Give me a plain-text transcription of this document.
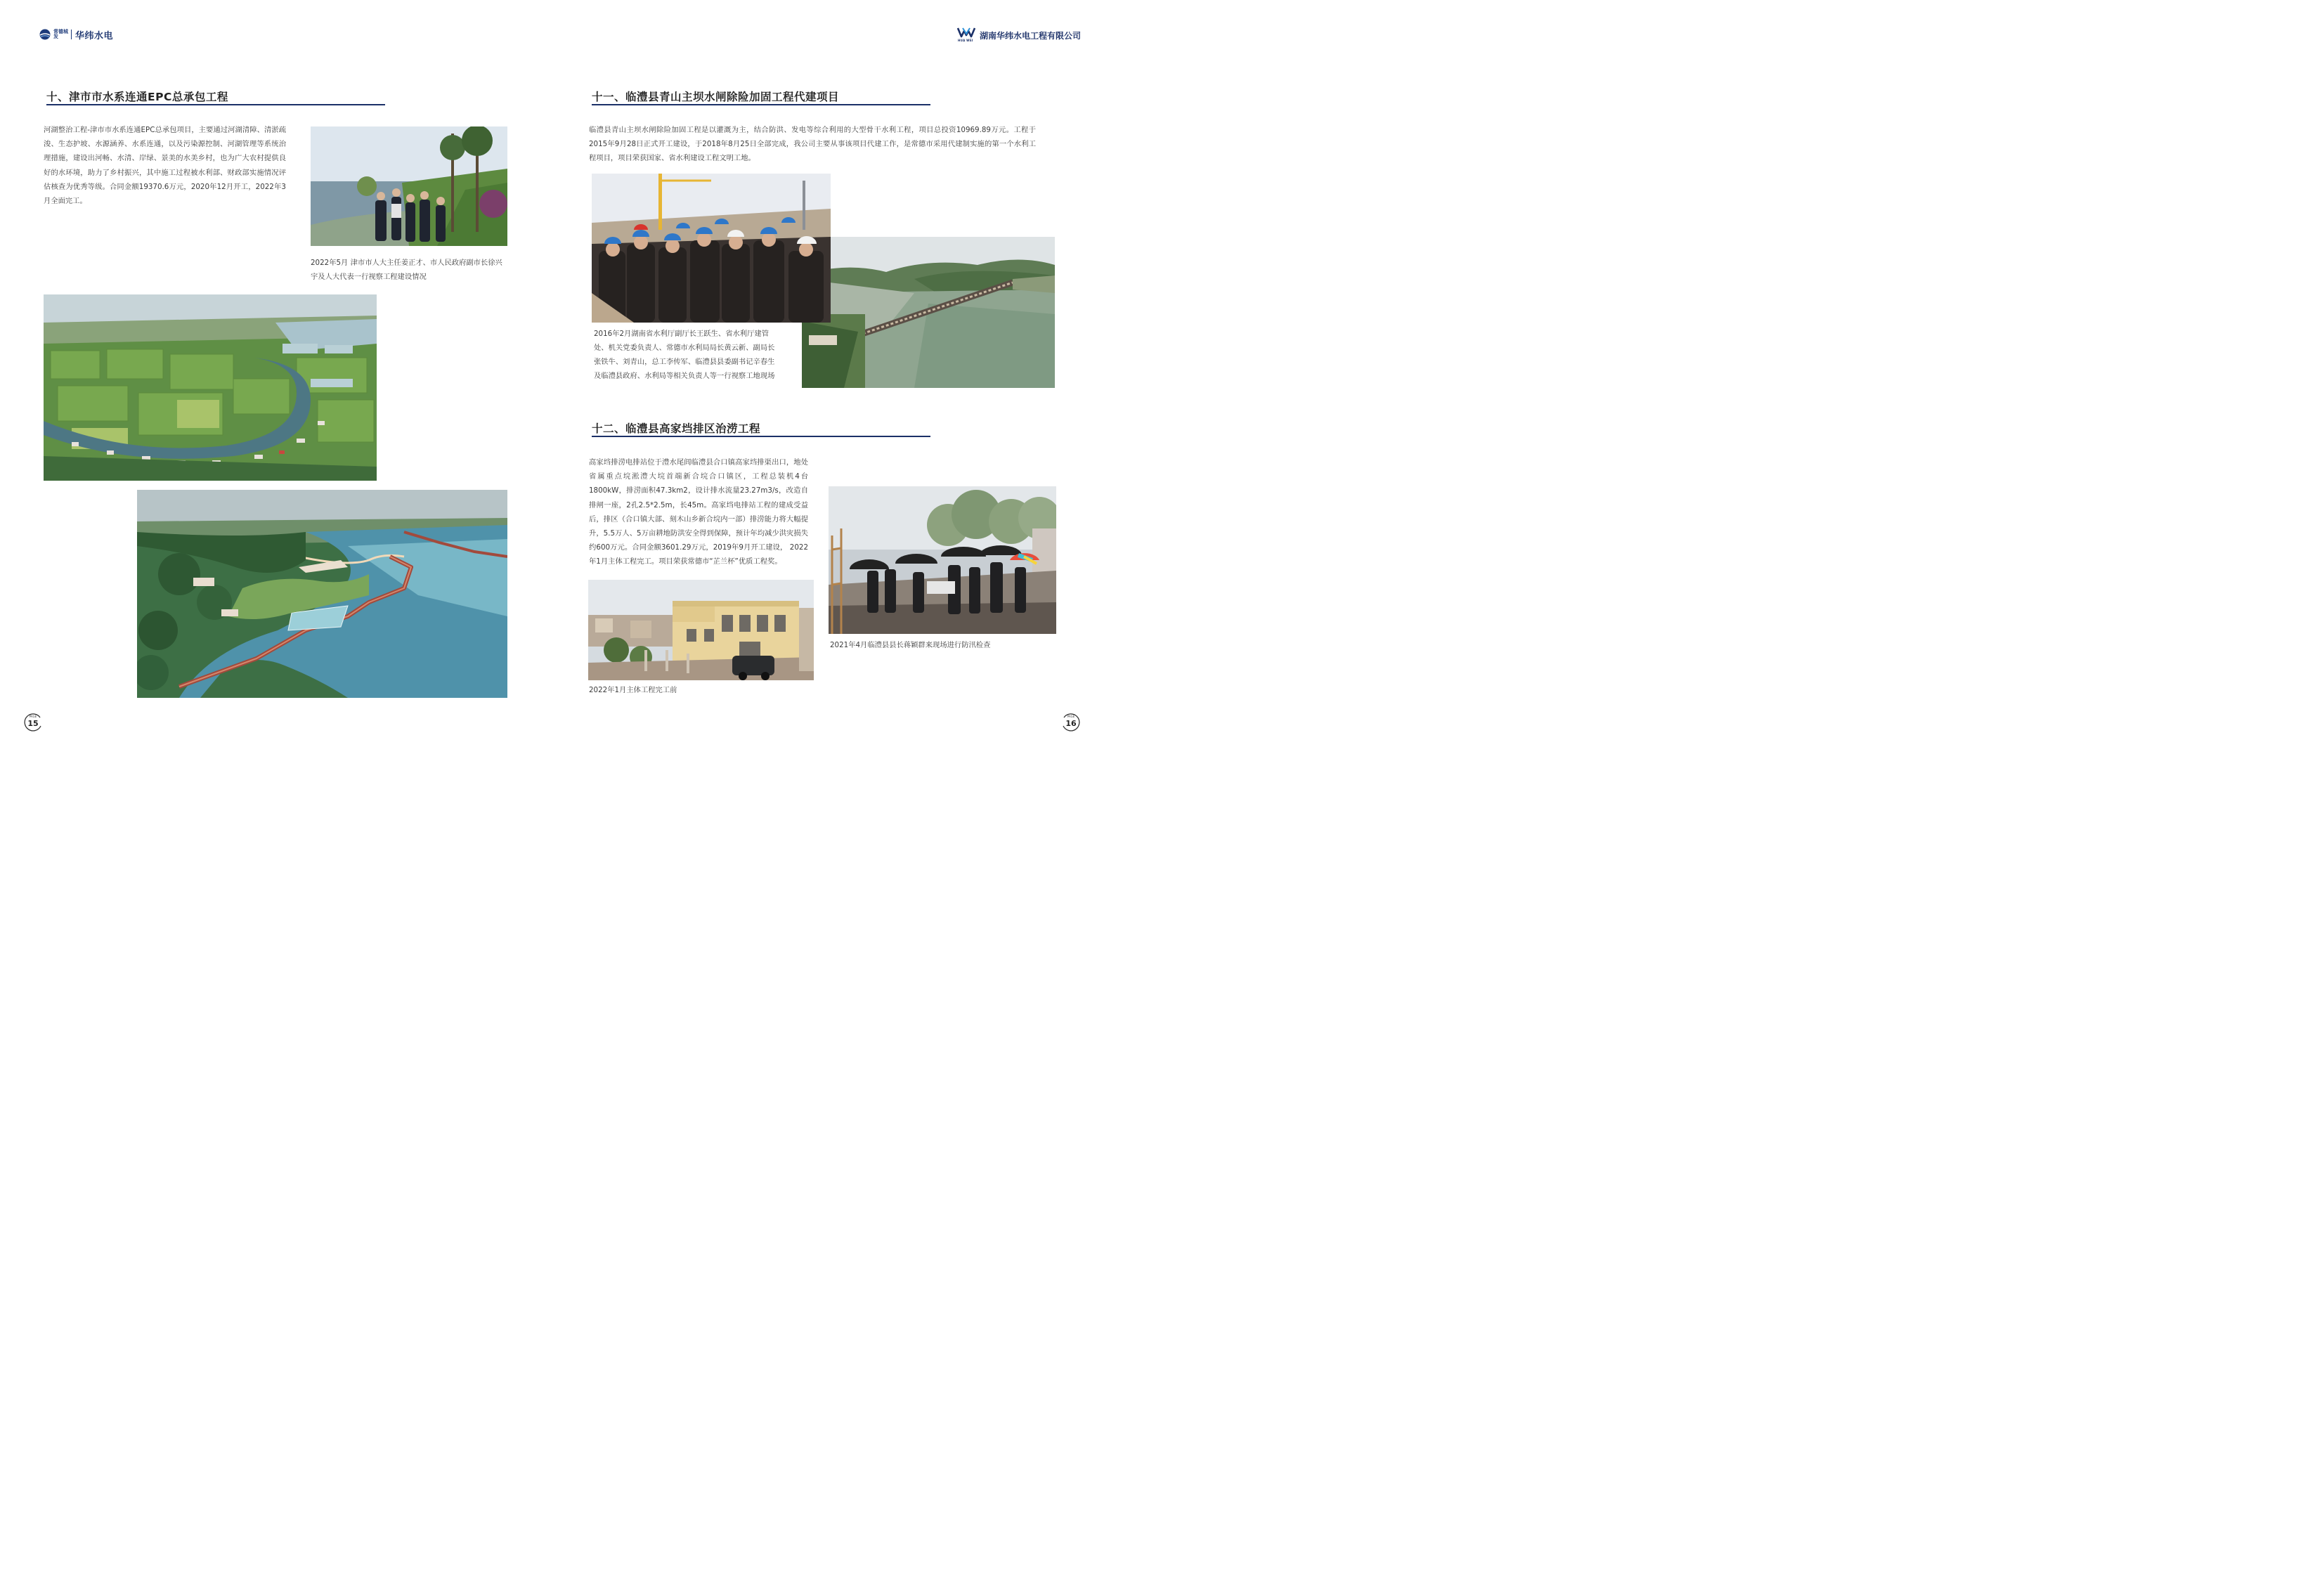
常德城发	华纬水电	HUA WEI 湖南华纬水电工程有限公司
十、津市市水系连通EPC总承包工程
河湖整治工程-津市市水系连通EPC总承包项目，主要通过河湖清障、清淤疏浚、生态护坡、水源涵养、水系连通，以及污染源控制、河湖管理等系统治理措施，建设出河畅、水清、岸绿、景美的水美乡村，也为广大农村提供良好的水环境，助力了乡村振兴，其中施工过程被水利部、财政部实施情况评估核查为优秀等级。合同金额19370.6万元，2020年12月开工，2022年3月全面完工。
2022年5月 津市市人大主任姜正才、市人民政府副市长徐兴宇及人大代表一行视察工程建设情况
PAGE
15
十一、临澧县青山主坝水闸除险加固工程代建项目
临澧县青山主坝水闸除险加固工程是以灌溉为主，结合防洪、发电等综合利用的大型骨干水利工程，项目总投资10969.89万元。工程于2015年9月28日正式开工建设，于2018年8月25日全部完成，我公司主要从事该项目代建工作，是常德市采用代建制实施的第一个水利工程项目，项目荣获国家、省水利建设工程文明工地。
2016年2月湖南省水利厅副厅长王跃生、省水利厅建管处、机关党委负责人、常德市水利局局长黄云新、副局长张铁牛、刘青山，总工李传军、临澧县县委副书记辛春生及临澧县政府、水利局等相关负责人等一行视察工地现场
十二、临澧县高家垱排区治涝工程
高家垱排涝电排站位于澧水尾闾临澧县合口镇高家垱排渠出口，地处省属重点垸淞澧大垸首端新合垸合口镇区，工程总装机4台1800kW，排涝面积47.3km2，设计排水流量23.27m3/s，改造自排闸一座，2孔2.5*2.5m，长45m。高家垱电排站工程的建成受益后，排区（合口镇大部、刻木山乡新合垸内一部）排涝能力将大幅提升，5.5万人、5万亩耕地防洪安全得到保障，预计年均减少洪灾损失约600万元。合同金额3601.29万元，2019年9月开工建设， 2022年1月主体工程完工。项目荣获常德市“芷兰杯”优质工程奖。
2021年4月临澧县县长蒋颖群来现场进行防汛检查
2022年1月主体工程完工前
PAGE
16
